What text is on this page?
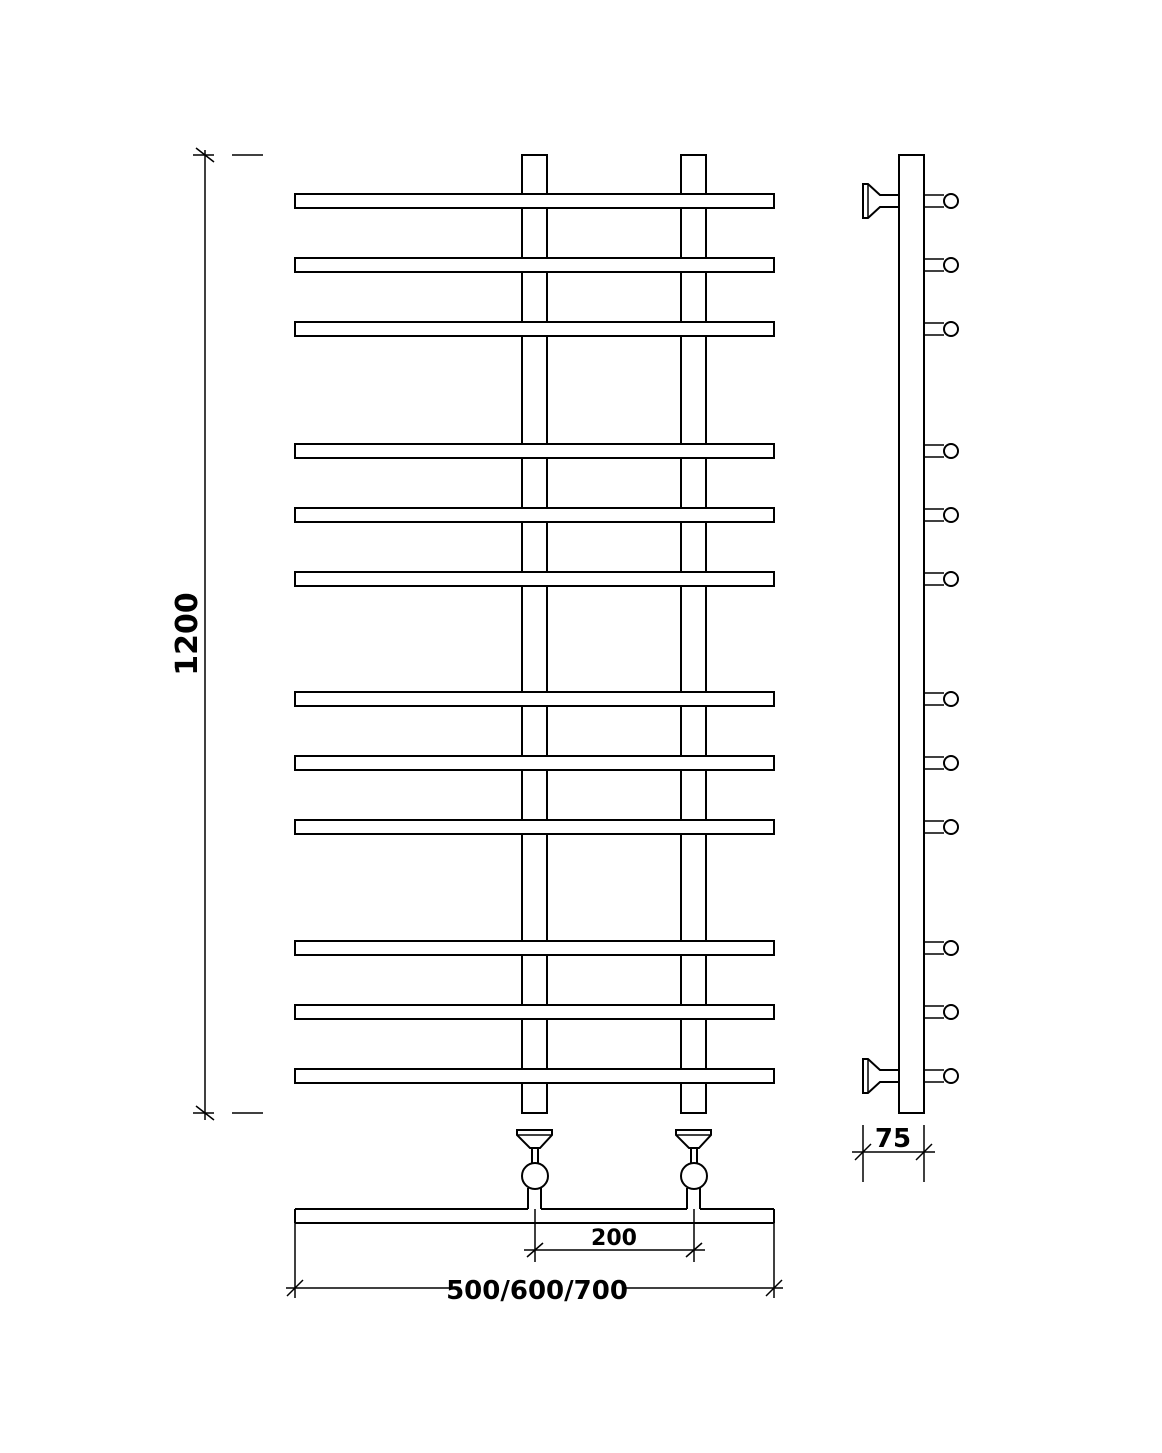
1200
75
200
500/600/700
